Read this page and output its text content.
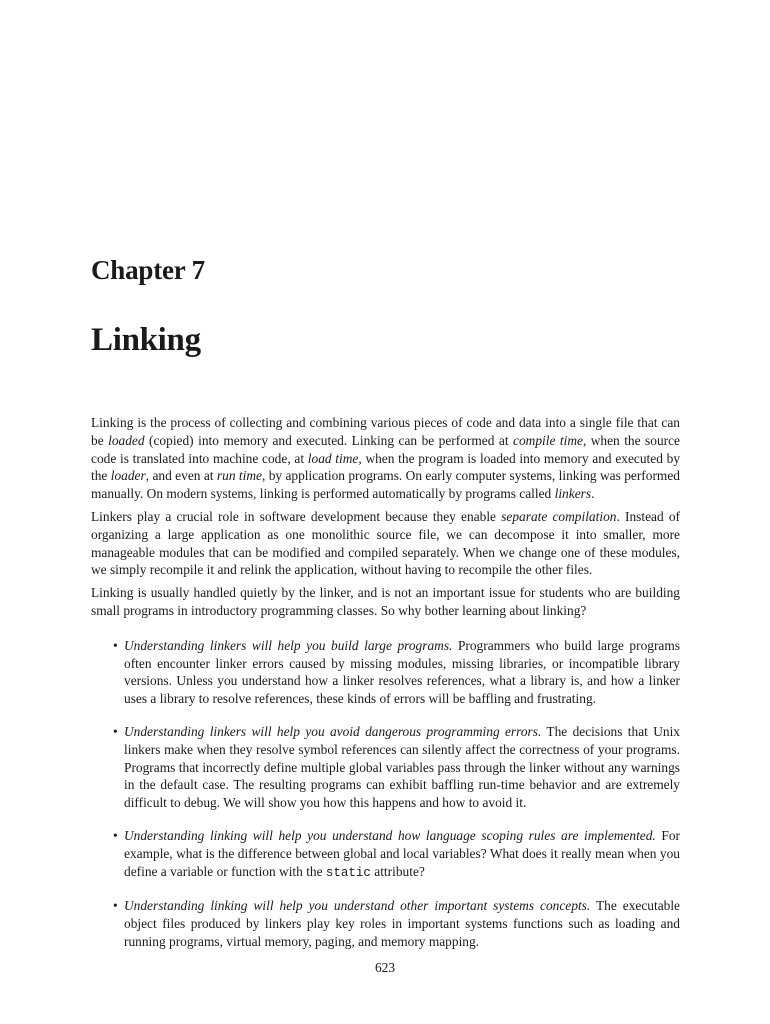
Chapter 7
Linking

Linking is the process of collecting and combining various pieces of code and data into a single file that can be loaded (copied) into memory and executed. Linking can be performed at compile time, when the source code is translated into machine code, at load time, when the program is loaded into memory and executed by the loader, and even at run time, by application programs. On early computer systems, linking was performed manually. On modern systems, linking is performed automatically by programs called linkers.

Linkers play a crucial role in software development because they enable separate compilation. Instead of organizing a large application as one monolithic source file, we can decompose it into smaller, more manageable modules that can be modified and compiled separately. When we change one of these modules, we simply recompile it and relink the application, without having to recompile the other files.

Linking is usually handled quietly by the linker, and is not an important issue for students who are building small programs in introductory programming classes. So why bother learning about linking?

• Understanding linkers will help you build large programs. Programmers who build large programs often encounter linker errors caused by missing modules, missing libraries, or incompatible library versions. Unless you understand how a linker resolves references, what a library is, and how a linker uses a library to resolve references, these kinds of errors will be baffling and frustrating.
• Understanding linkers will help you avoid dangerous programming errors. The decisions that Unix linkers make when they resolve symbol references can silently affect the correctness of your programs. Programs that incorrectly define multiple global variables pass through the linker without any warnings in the default case. The resulting programs can exhibit baffling run-time behavior and are extremely difficult to debug. We will show you how this happens and how to avoid it.
• Understanding linking will help you understand how language scoping rules are implemented. For example, what is the difference between global and local variables? What does it really mean when you define a variable or function with the static attribute?
• Understanding linking will help you understand other important systems concepts. The executable object files produced by linkers play key roles in important systems functions such as loading and running programs, virtual memory, paging, and memory mapping.
623
